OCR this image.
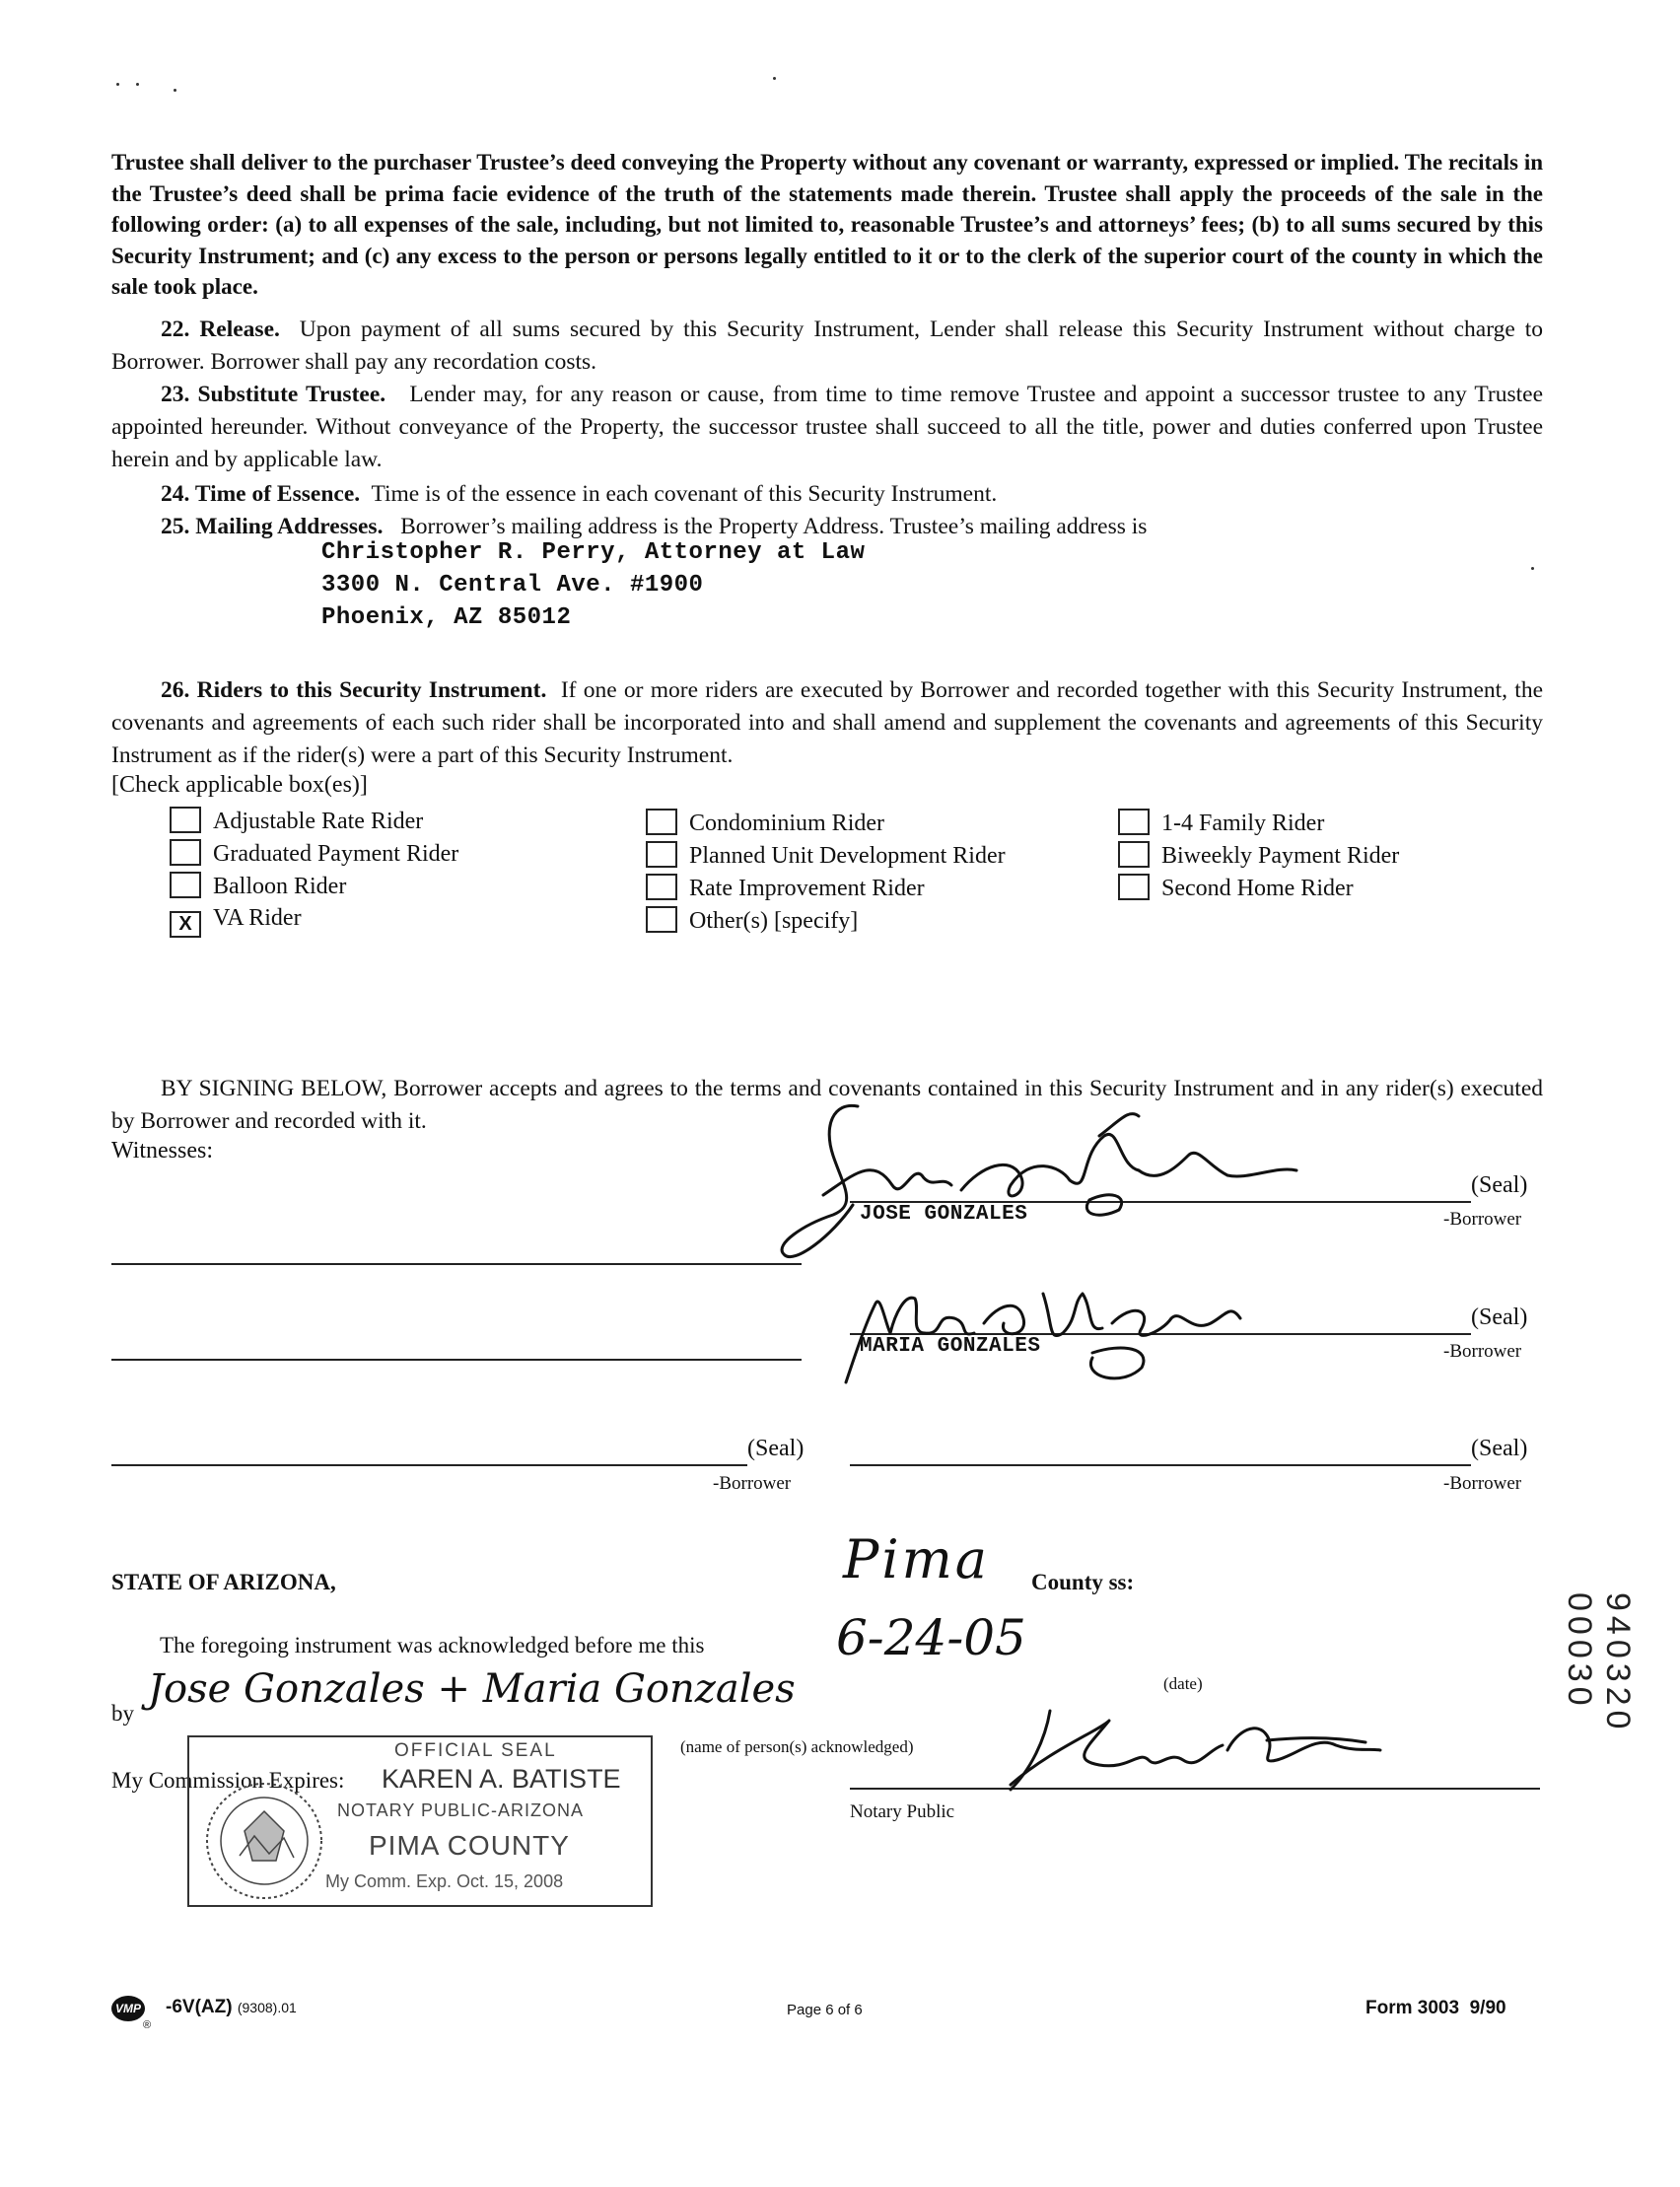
Trustee shall deliver to the purchaser Trustee’s deed conveying the Property without any covenant or warranty, expressed or implied. The recitals in the Trustee’s deed shall be prima facie evidence of the truth of the statements made therein. Trustee shall apply the proceeds of the sale in the following order: (a) to all expenses of the sale, including, but not limited to, reasonable Trustee’s and attorneys’ fees; (b) to all sums secured by this Security Instrument; and (c) any excess to the person or persons legally entitled to it or to the clerk of the superior court of the county in which the sale took place.
22. Release. Upon payment of all sums secured by this Security Instrument, Lender shall release this Security Instrument without charge to Borrower. Borrower shall pay any recordation costs.
23. Substitute Trustee. Lender may, for any reason or cause, from time to time remove Trustee and appoint a successor trustee to any Trustee appointed hereunder. Without conveyance of the Property, the successor trustee shall succeed to all the title, power and duties conferred upon Trustee herein and by applicable law.
24. Time of Essence. Time is of the essence in each covenant of this Security Instrument.
25. Mailing Addresses. Borrower’s mailing address is the Property Address. Trustee’s mailing address is
Christopher R. Perry, Attorney at Law
3300 N. Central Ave. #1900
Phoenix, AZ 85012
26. Riders to this Security Instrument. If one or more riders are executed by Borrower and recorded together with this Security Instrument, the covenants and agreements of each such rider shall be incorporated into and shall amend and supplement the covenants and agreements of this Security Instrument as if the rider(s) were a part of this Security Instrument.
[Check applicable box(es)]
Adjustable Rate Rider
Graduated Payment Rider
Balloon Rider
X VA Rider
Condominium Rider
Planned Unit Development Rider
Rate Improvement Rider
Other(s) [specify]
1-4 Family Rider
Biweekly Payment Rider
Second Home Rider
BY SIGNING BELOW, Borrower accepts and agrees to the terms and covenants contained in this Security Instrument and in any rider(s) executed by Borrower and recorded with it.
Witnesses:
(Seal)
JOSE GONZALES	-Borrower
(Seal)
MARIA GONZALES	-Borrower
(Seal)
-Borrower
(Seal)
-Borrower
STATE OF ARIZONA,	Pima County ss:
The foregoing instrument was acknowledged before me this	6-24-05
(date)
by
Jose Gonzales + Maria Gonzales
(name of person(s) acknowledged)
My Commission Expires:
Notary Public
OFFICIAL SEAL
KAREN A. BATISTE
NOTARY PUBLIC-ARIZONA
PIMA COUNTY
My Comm. Exp. Oct. 15, 2008
940320 00030
VMP
®
-6V(AZ) (9308).01	Page 6 of 6	Form 3003  9/90
